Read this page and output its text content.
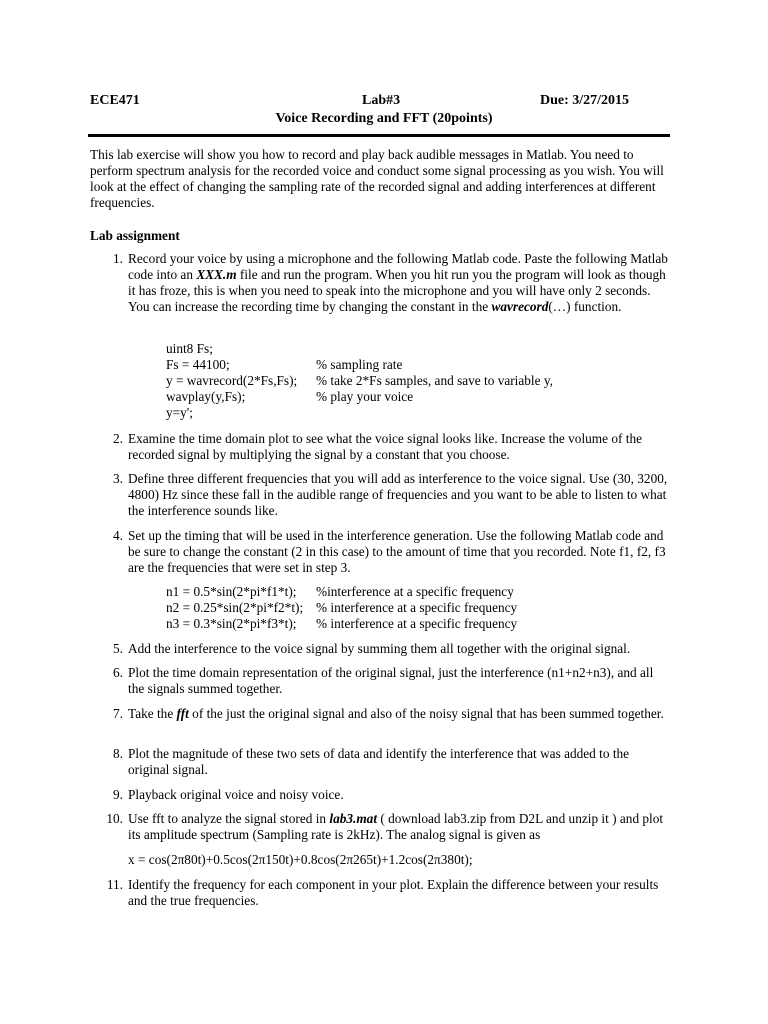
ECE471	Lab#3	Due: 3/27/2015
Voice Recording and FFT (20points)

This lab exercise will show you how to record and play back audible messages in Matlab. You need to perform spectrum analysis for the recorded voice and conduct some signal processing as you wish. You will look at the effect of changing the sampling rate of the recorded signal and adding interferences at different frequencies.

Lab assignment
1. Record your voice by using a microphone and the following Matlab code. Paste the following Matlab code into an XXX.m file and run the program. When you hit run you the program will look as though it has froze, this is when you need to speak into the microphone and you will have only 2 seconds. You can increase the recording time by changing the constant in the wavrecord(…) function.
uint8 Fs;
Fs = 44100;	% sampling rate
y = wavrecord(2*Fs,Fs); % take 2*Fs samples, and save to variable y,
wavplay(y,Fs);	% play your voice
y=y';
2. Examine the time domain plot to see what the voice signal looks like. Increase the volume of the recorded signal by multiplying the signal by a constant that you choose.
3. Define three different frequencies that you will add as interference to the voice signal. Use (30, 3200, 4800) Hz since these fall in the audible range of frequencies and you want to be able to listen to what the interference sounds like.
4. Set up the timing that will be used in the interference generation. Use the following Matlab code and be sure to change the constant (2 in this case) to the amount of time that you recorded. Note f1, f2, f3 are the frequencies that were set in step 3.
n1 = 0.5*sin(2*pi*f1*t); %interference at a specific frequency
n2 = 0.25*sin(2*pi*f2*t); % interference at a specific frequency
n3 = 0.3*sin(2*pi*f3*t); % interference at a specific frequency
5. Add the interference to the voice signal by summing them all together with the original signal.
6. Plot the time domain representation of the original signal, just the interference (n1+n2+n3), and all the signals summed together.
7. Take the fft of the just the original signal and also of the noisy signal that has been summed together.
8. Plot the magnitude of these two sets of data and identify the interference that was added to the original signal.
9. Playback original voice and noisy voice.
10. Use fft to analyze the signal stored in lab3.mat ( download lab3.zip from D2L and unzip it ) and plot its amplitude spectrum (Sampling rate is 2kHz). The analog signal is given as
x = cos(2π80t)+0.5cos(2π150t)+0.8cos(2π265t)+1.2cos(2π380t);
11. Identify the frequency for each component in your plot. Explain the difference between your results and the true frequencies.
